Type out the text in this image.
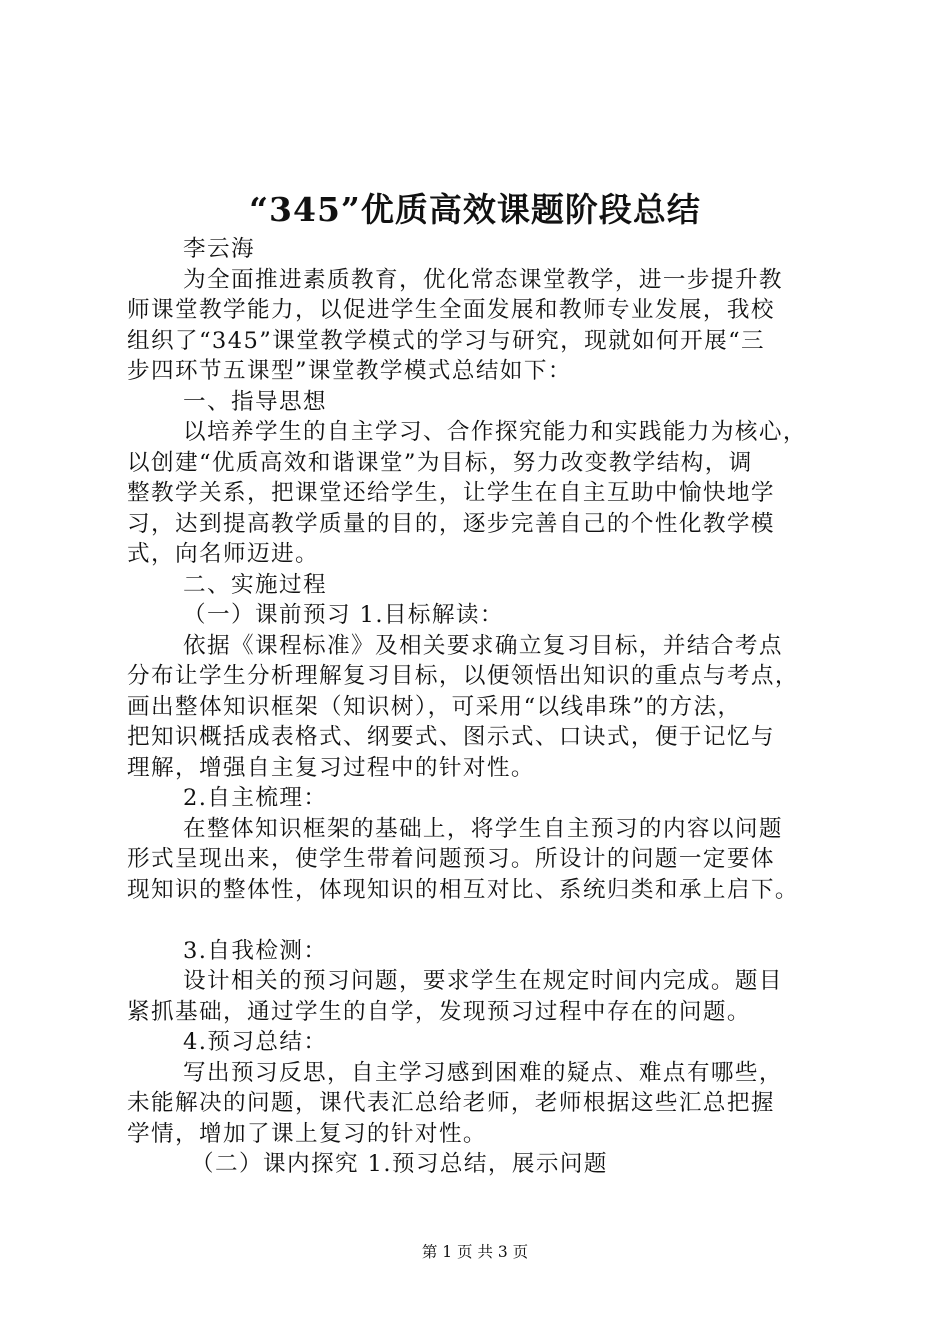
“345”优质高效课题阶段总结
李云海
为全面推进素质教育，优化常态课堂教学，进一步提升教
师课堂教学能力，以促进学生全面发展和教师专业发展，我校
组织了“345”课堂教学模式的学习与研究，现就如何开展“三
步四环节五课型”课堂教学模式总结如下：
一、指导思想
以培养学生的自主学习、合作探究能力和实践能力为核心，
以创建“优质高效和谐课堂”为目标，努力改变教学结构，调
整教学关系，把课堂还给学生，让学生在自主互助中愉快地学
习，达到提高教学质量的目的，逐步完善自己的个性化教学模
式，向名师迈进。
二、实施过程
（一）课前预习 1.目标解读：
依据《课程标准》及相关要求确立复习目标，并结合考点
分布让学生分析理解复习目标，以便领悟出知识的重点与考点，
画出整体知识框架（知识树），可采用“以线串珠”的方法，
把知识概括成表格式、纲要式、图示式、口诀式，便于记忆与
理解，增强自主复习过程中的针对性。
2.自主梳理：
在整体知识框架的基础上，将学生自主预习的内容以问题
形式呈现出来，使学生带着问题预习。所设计的问题一定要体
现知识的整体性，体现知识的相互对比、系统归类和承上启下。
3.自我检测：
设计相关的预习问题，要求学生在规定时间内完成。题目
紧抓基础，通过学生的自学，发现预习过程中存在的问题。
4.预习总结：
写出预习反思，自主学习感到困难的疑点、难点有哪些，
未能解决的问题，课代表汇总给老师，老师根据这些汇总把握
学情，增加了课上复习的针对性。
（二）课内探究 1.预习总结，展示问题
第 1 页 共 3 页
